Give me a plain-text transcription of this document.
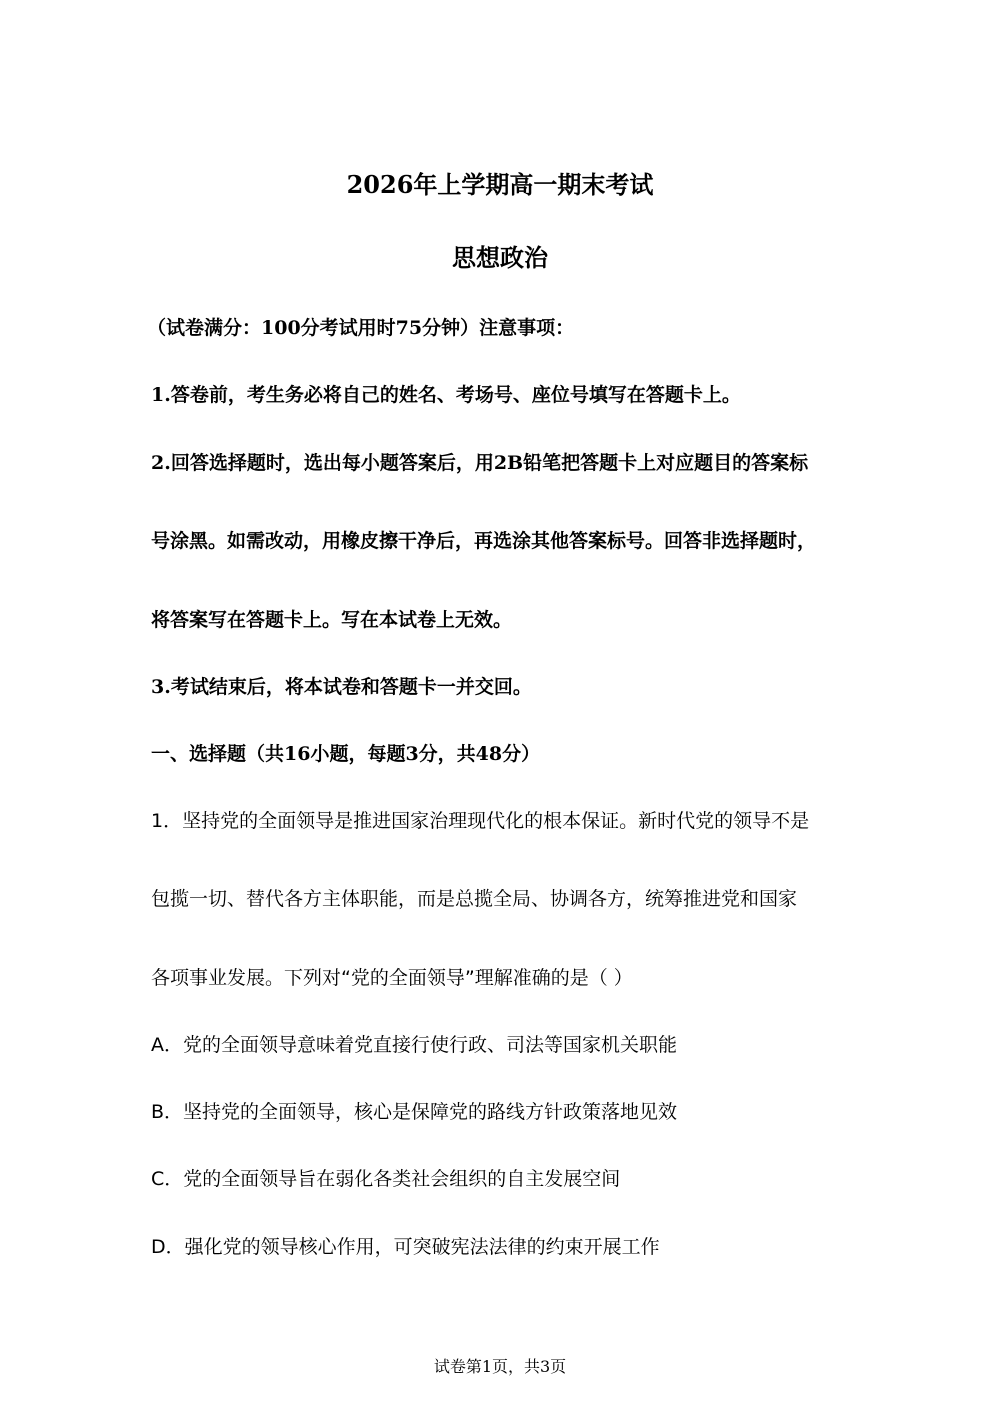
2026年上学期高一期末考试
思想政治
（试卷满分：100分考试用时75分钟）注意事项：
1.答卷前，考生务必将自己的姓名、考场号、座位号填写在答题卡上。
2.回答选择题时，选出每小题答案后，用2B铅笔把答题卡上对应题目的答案标
号涂黑。如需改动，用橡皮擦干净后，再选涂其他答案标号。回答非选择题时，
将答案写在答题卡上。写在本试卷上无效。
3.考试结束后，将本试卷和答题卡一并交回。
一、选择题（共16小题，每题3分，共48分）
1．坚持党的全面领导是推进国家治理现代化的根本保证。新时代党的领导不是
包揽一切、替代各方主体职能，而是总揽全局、协调各方，统筹推进党和国家
各项事业发展。下列对“党的全面领导”理解准确的是（ ）
A．党的全面领导意味着党直接行使行政、司法等国家机关职能
B．坚持党的全面领导，核心是保障党的路线方针政策落地见效
C．党的全面领导旨在弱化各类社会组织的自主发展空间
D．强化党的领导核心作用，可突破宪法法律的约束开展工作
试卷第1页，共3页
